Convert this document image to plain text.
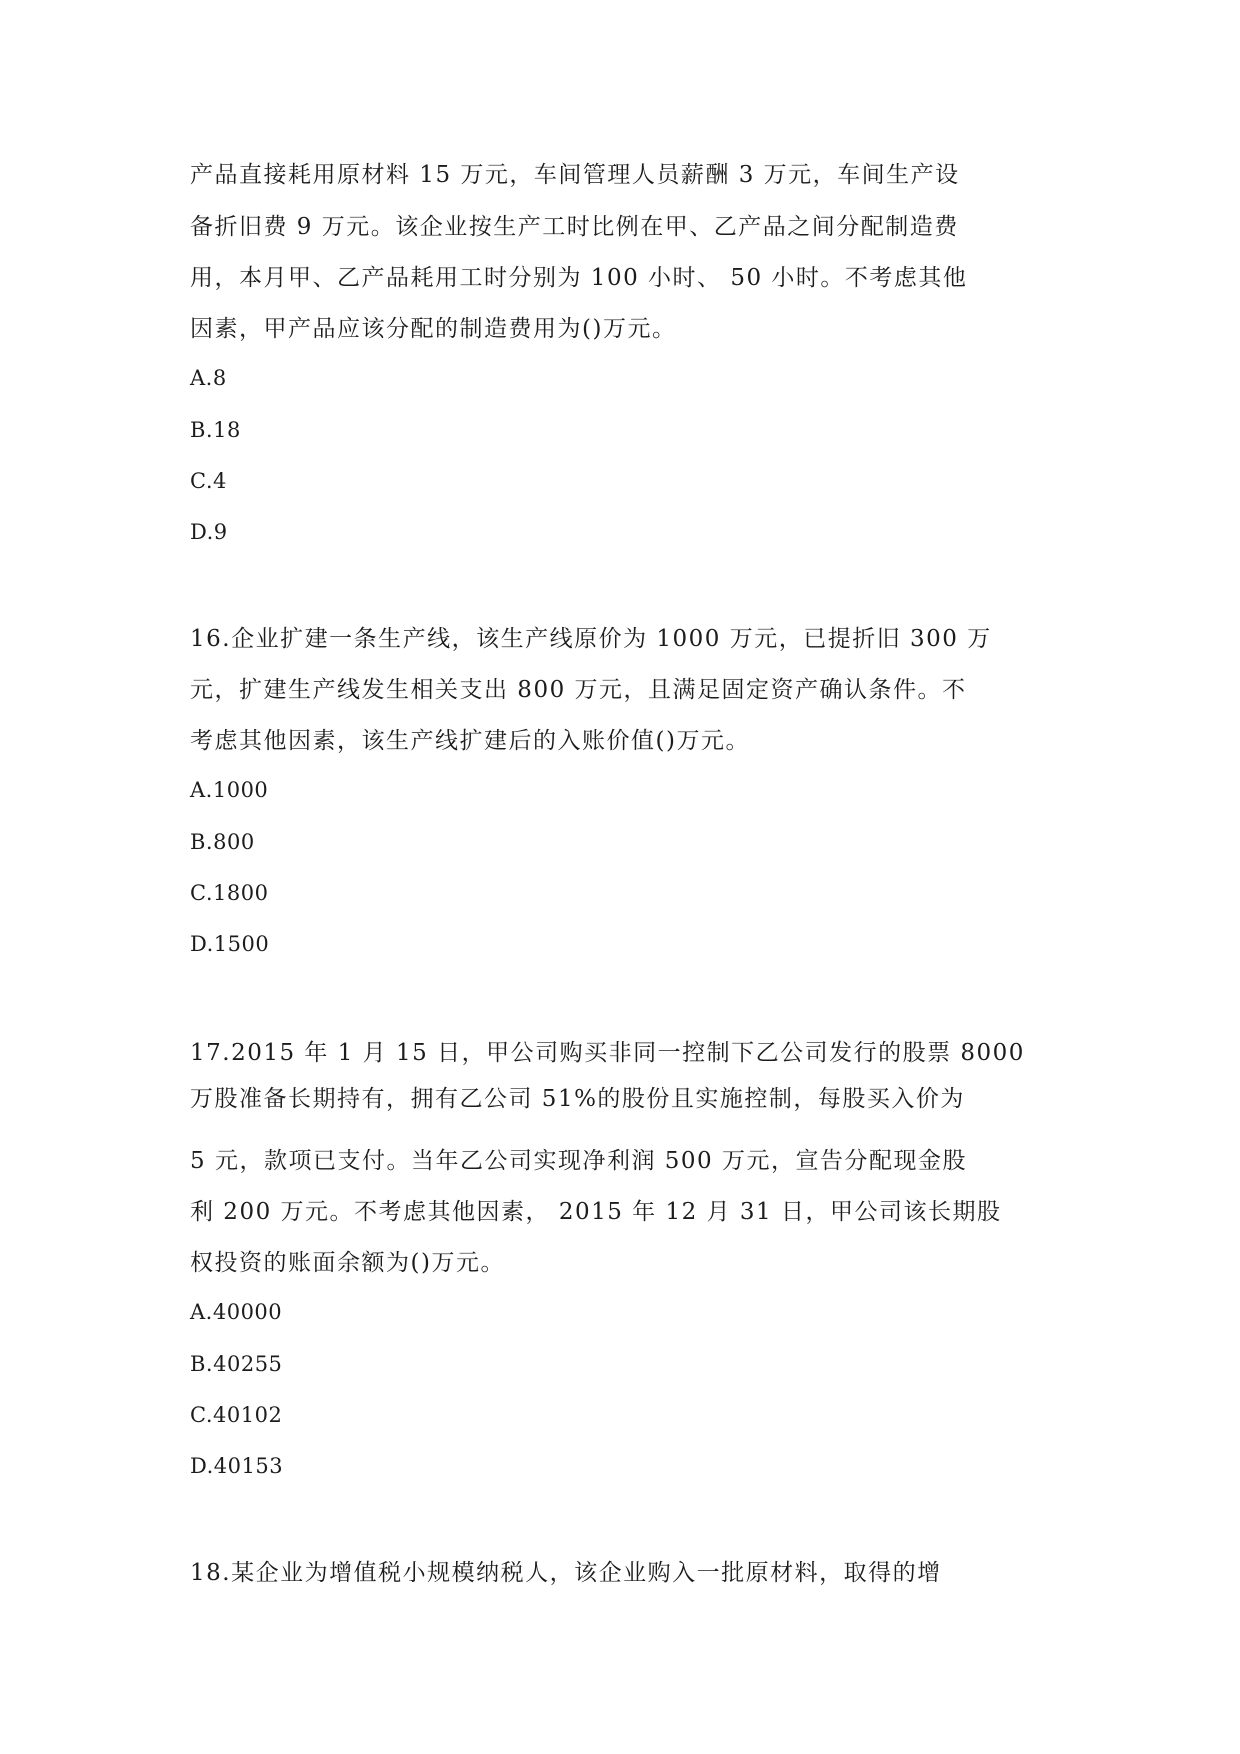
产品直接耗用原材料 15 万元，车间管理人员薪酬 3 万元，车间生产设
备折旧费 9 万元。该企业按生产工时比例在甲、乙产品之间分配制造费
用，本月甲、乙产品耗用工时分别为 100 小时、 50 小时。不考虑其他
因素，甲产品应该分配的制造费用为()万元。
A.8
B.18
C.4
D.9
16.企业扩建一条生产线，该生产线原价为 1000 万元，已提折旧 300 万
元，扩建生产线发生相关支出 800 万元，且满足固定资产确认条件。不
考虑其他因素，该生产线扩建后的入账价值()万元。
A.1000
B.800
C.1800
D.1500
17.2015 年 1 月 15 日，甲公司购买非同一控制下乙公司发行的股票 8000
万股准备长期持有，拥有乙公司 51%的股份且实施控制，每股买入价为
5 元，款项已支付。当年乙公司实现净利润 500 万元，宣告分配现金股
利 200 万元。不考虑其他因素， 2015 年 12 月 31 日，甲公司该长期股
权投资的账面余额为()万元。
A.40000
B.40255
C.40102
D.40153
18.某企业为增值税小规模纳税人，该企业购入一批原材料，取得的增
